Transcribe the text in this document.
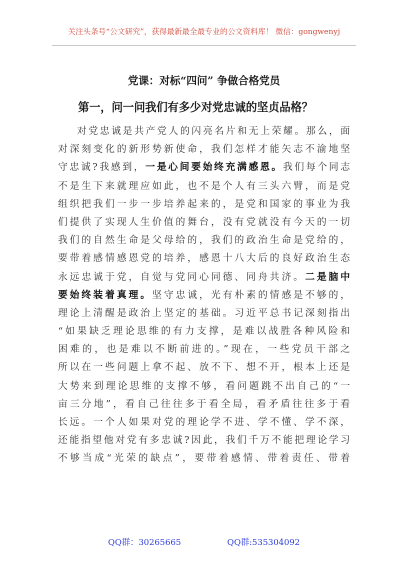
关注头条号“公文研究”，获得最新最全最专业的公文资料库！ 微信：gongwenyj
党课：对标“四问” 争做合格党员
第一，问一问我们有多少对党忠诚的坚贞品格？
对党忠诚是共产党人的闪亮名片和无上荣耀。那么，面
对深刻变化的新形势新使命，我们怎样才能矢志不渝地坚
守忠诚?我感到，一是心间要始终充满感恩。我们每个同志
不是生下来就理应如此，也不是个人有三头六臂，而是党
组织把我们一步一步培养起来的，是党和国家的事业为我
们提供了实现人生价值的舞台，没有党就没有今天的一切
我们的自然生命是父母给的，我们的政治生命是党给的，
要带着感情感恩党的培养，感恩十八大后的良好政治生态
永远忠诚于党，自觉与党同心同德、同舟共济。二是脑中
要始终装着真理。坚守忠诚，光有朴素的情感是不够的，
理论上清醒是政治上坚定的基础。习近平总书记深刻指出
“如果缺乏理论思维的有力支撑，是难以战胜各种风险和
困难的，也是难以不断前进的。”现在，一些党员干部之
所以在一些问题上拿不起、放不下、想不开，根本上还是
大势来到理论思维的支撑不够，看问题跳不出自己的“一
亩三分地”，看自己往往多于看全局，看矛盾往往多于看
长远。一个人如果对党的理论学不进、学不懂、学不深，
还能指望他对党有多忠诚?因此，我们千万不能把理论学习
不够当成“光荣的缺点”，要带着感情、带着责任、带着
QQ群：30265665	QQ群:535304092
